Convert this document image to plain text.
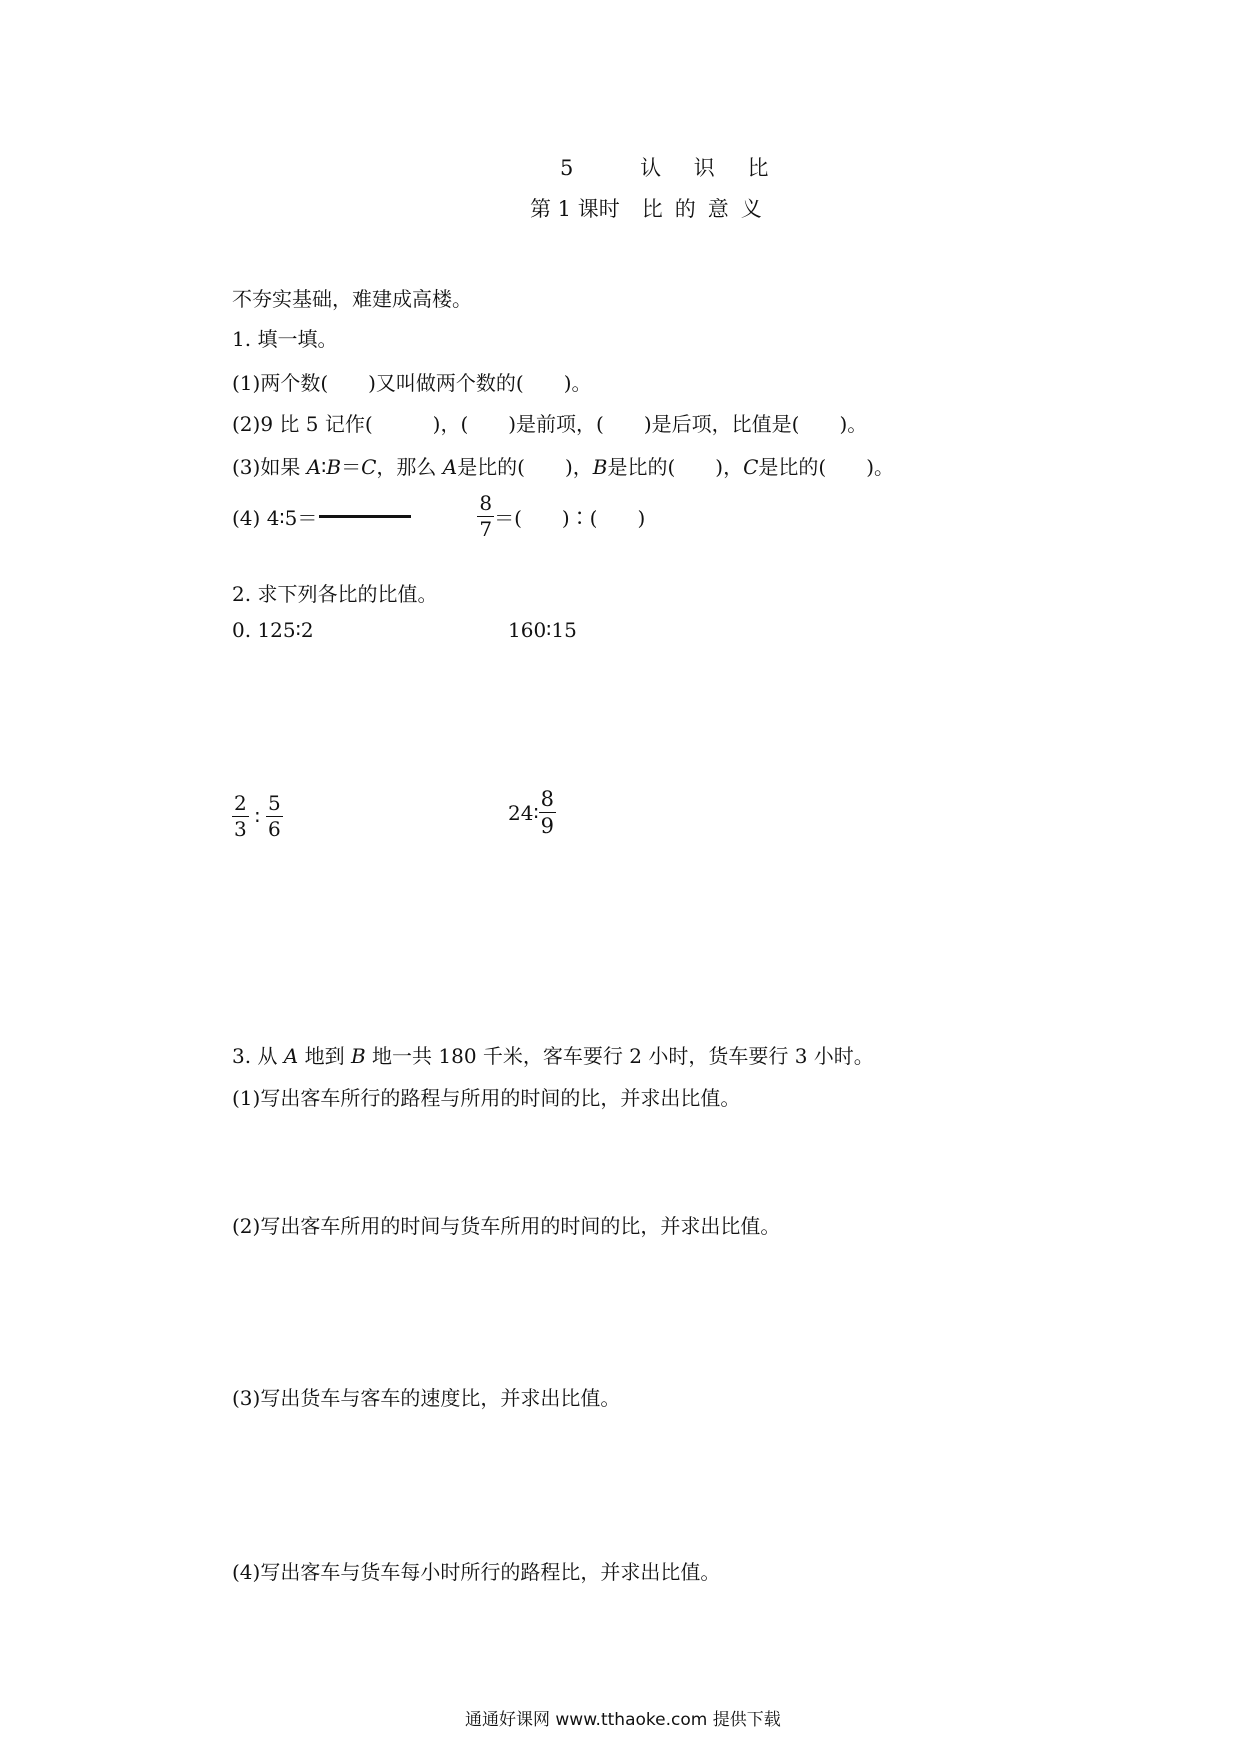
5	认 识 比
第 1 课时 比 的 意 义
不夯实基础，难建成高楼。
1. 填一填。
(1)两个数(　　)又叫做两个数的(　　)。
(2)9 比 5 记作(　　　)，(　　)是前项，(　　)是后项，比值是(　　)。
(3)如果 A∶B＝C，那么 A是比的(　　)，B是比的(　　)，C是比的(　　)。
(4) 4∶5＝	$\frac{8}{7}$ ＝(　　)∶(　　)
2. 求下列各比的比值。
0. 125∶2	160∶15
$\frac{2}{3}$ ∶ $\frac{5}{6}$	24∶ $\frac{8}{9}$
3. 从 A 地到 B 地一共 180 千米，客车要行 2 小时，货车要行 3 小时。
(1)写出客车所行的路程与所用的时间的比，并求出比值。
(2)写出客车所用的时间与货车所用的时间的比，并求出比值。
(3)写出货车与客车的速度比，并求出比值。
(4)写出客车与货车每小时所行的路程比，并求出比值。
通通好课网 www.tthaoke.com 提供下载
